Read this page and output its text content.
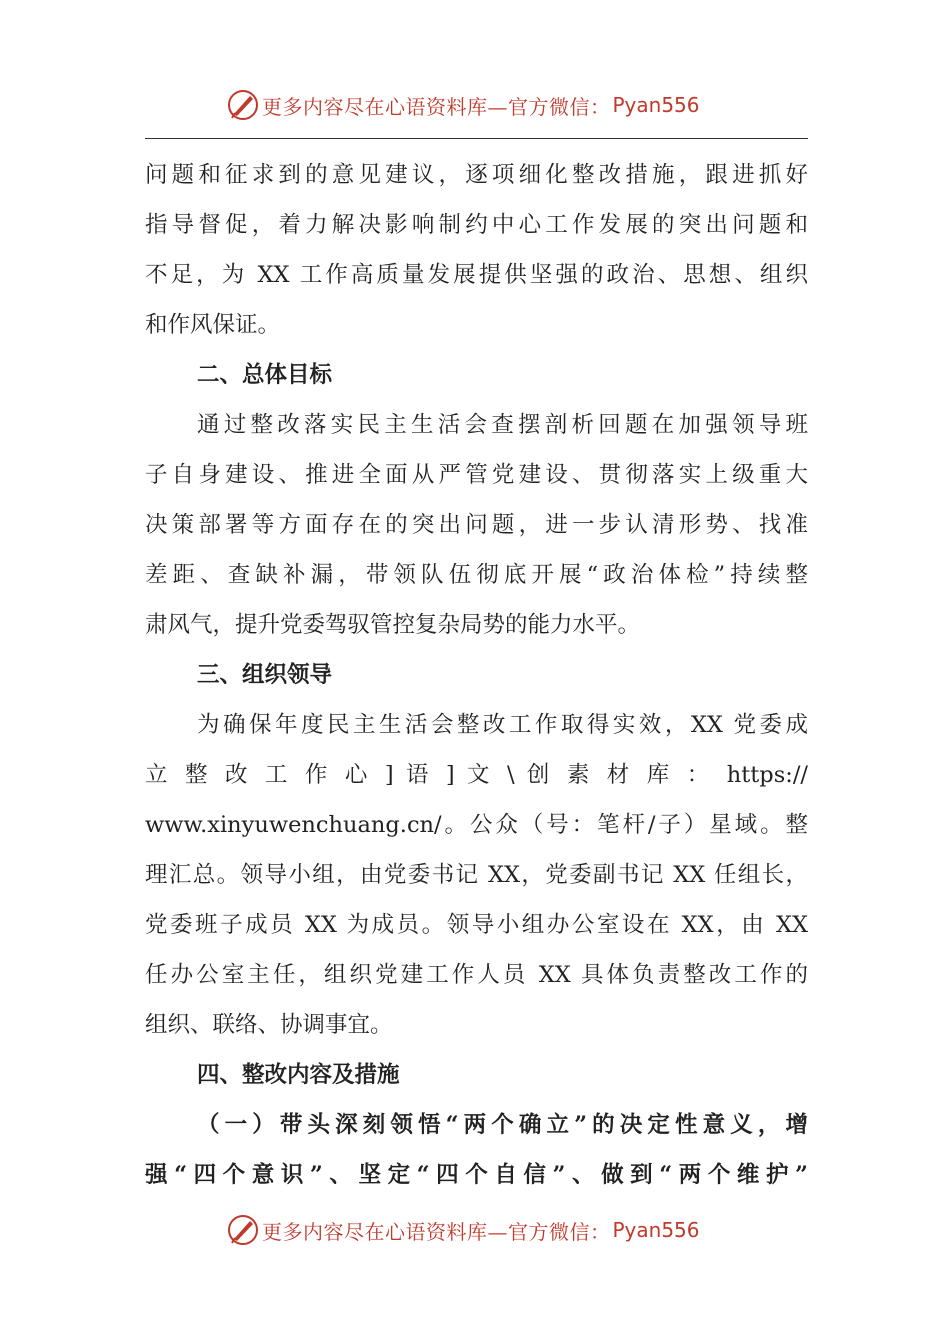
更多内容尽在心语资料库—官方微信： Pyan556
问题和征求到的意见建议，逐项细化整改措施，跟进抓好
指导督促，着力解决影响制约中心工作发展的突出问题和
不足，为 XX 工作高质量发展提供坚强的政治、思想、组织
和作风保证。
二、总体目标
通过整改落实民主生活会查摆剖析回题在加强领导班
子自身建设、推进全面从严管党建设、贯彻落实上级重大
决策部署等方面存在的突出问题，进一步认清形势、找准
差距、查缺补漏，带领队伍彻底开展“政治体检”持续整
肃风气，提升党委驾驭管控复杂局势的能力水平。
三、组织领导
为确保年度民主生活会整改工作取得实效，XX 党委成
立 整 改 工 作 心 ] 语 ] 文 \ 创 素 材 库 ： https://
www.xinyuwenchuang.cn/。公众（号：笔杆/子）星域。整
理汇总。领导小组，由党委书记 XX，党委副书记 XX 任组长，
党委班子成员 XX 为成员。领导小组办公室设在 XX，由 XX
任办公室主任，组织党建工作人员 XX 具体负责整改工作的
组织、联络、协调事宜。
四、整改内容及措施
（一）带头深刻领悟“两个确立”的决定性意义，增
强“四个意识”、坚定“四个自信”、做到“两个维护”
更多内容尽在心语资料库—官方微信： Pyan556
